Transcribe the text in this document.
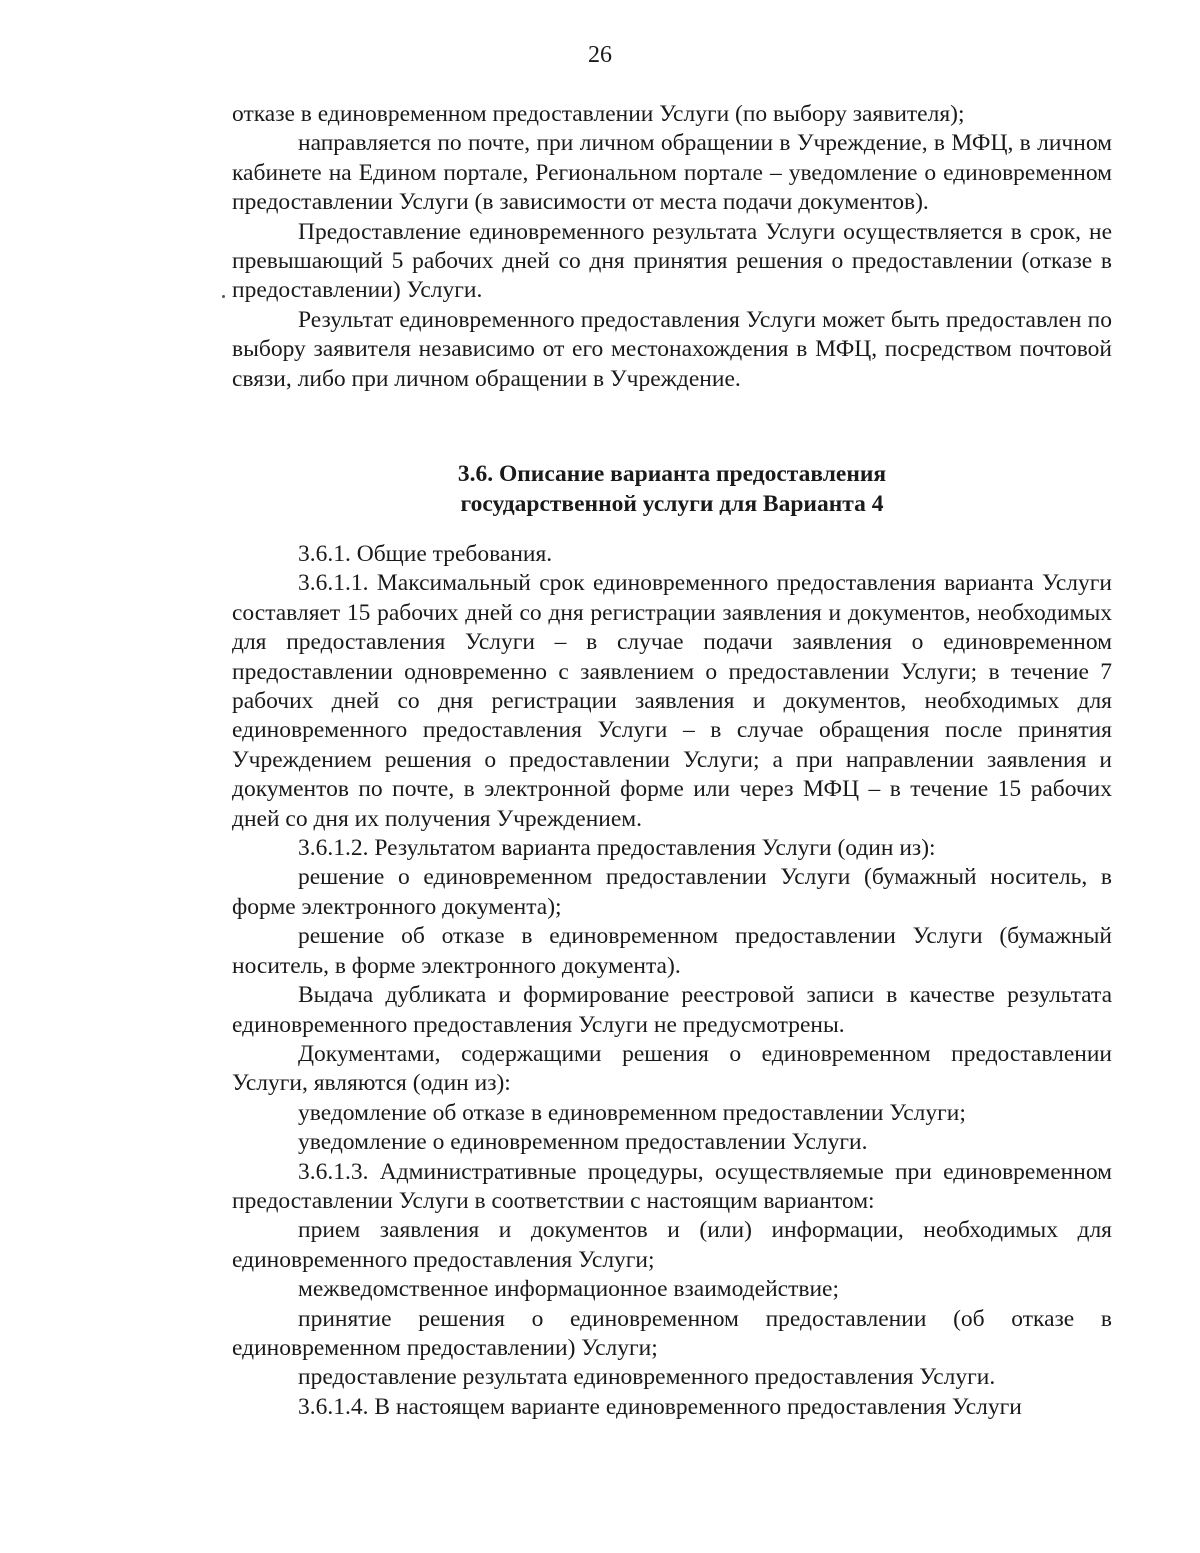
26

отказе в единовременном предоставлении Услуги (по выбору заявителя);

направляется по почте, при личном обращении в Учреждение, в МФЦ, в личном кабинете на Едином портале, Региональном портале – уведомление о единовременном предоставлении Услуги (в зависимости от места подачи документов).

Предоставление единовременного результата Услуги осуществляется в срок, не превышающий 5 рабочих дней со дня принятия решения о предоставлении (отказе в предоставлении) Услуги.

Результат единовременного предоставления Услуги может быть предоставлен по выбору заявителя независимо от его местонахождения в МФЦ, посредством почтовой связи, либо при личном обращении в Учреждение.

3.6. Описание варианта предоставления
государственной услуги для Варианта 4

3.6.1. Общие требования.

3.6.1.1. Максимальный срок единовременного предоставления варианта Услуги составляет 15 рабочих дней со дня регистрации заявления и документов, необходимых для предоставления Услуги – в случае подачи заявления о единовременном предоставлении одновременно с заявлением о предоставлении Услуги; в течение 7 рабочих дней со дня регистрации заявления и документов, необходимых для единовременного предоставления Услуги – в случае обращения после принятия Учреждением решения о предоставлении Услуги; а при направлении заявления и документов по почте, в электронной форме или через МФЦ – в течение 15 рабочих дней со дня их получения Учреждением.

3.6.1.2. Результатом варианта предоставления Услуги (один из):

решение о единовременном предоставлении Услуги (бумажный носитель, в форме электронного документа);

решение об отказе в единовременном предоставлении Услуги (бумажный носитель, в форме электронного документа).

Выдача дубликата и формирование реестровой записи в качестве результата единовременного предоставления Услуги не предусмотрены.

Документами, содержащими решения о единовременном предоставлении Услуги, являются (один из):

уведомление об отказе в единовременном предоставлении Услуги;

уведомление о единовременном предоставлении Услуги.

3.6.1.3. Административные процедуры, осуществляемые при единовременном предоставлении Услуги в соответствии с настоящим вариантом:

прием заявления и документов и (или) информации, необходимых для единовременного предоставления Услуги;

межведомственное информационное взаимодействие;

принятие решения о единовременном предоставлении (об отказе в единовременном предоставлении) Услуги;

предоставление результата единовременного предоставления Услуги.

3.6.1.4. В настоящем варианте единовременного предоставления Услуги
